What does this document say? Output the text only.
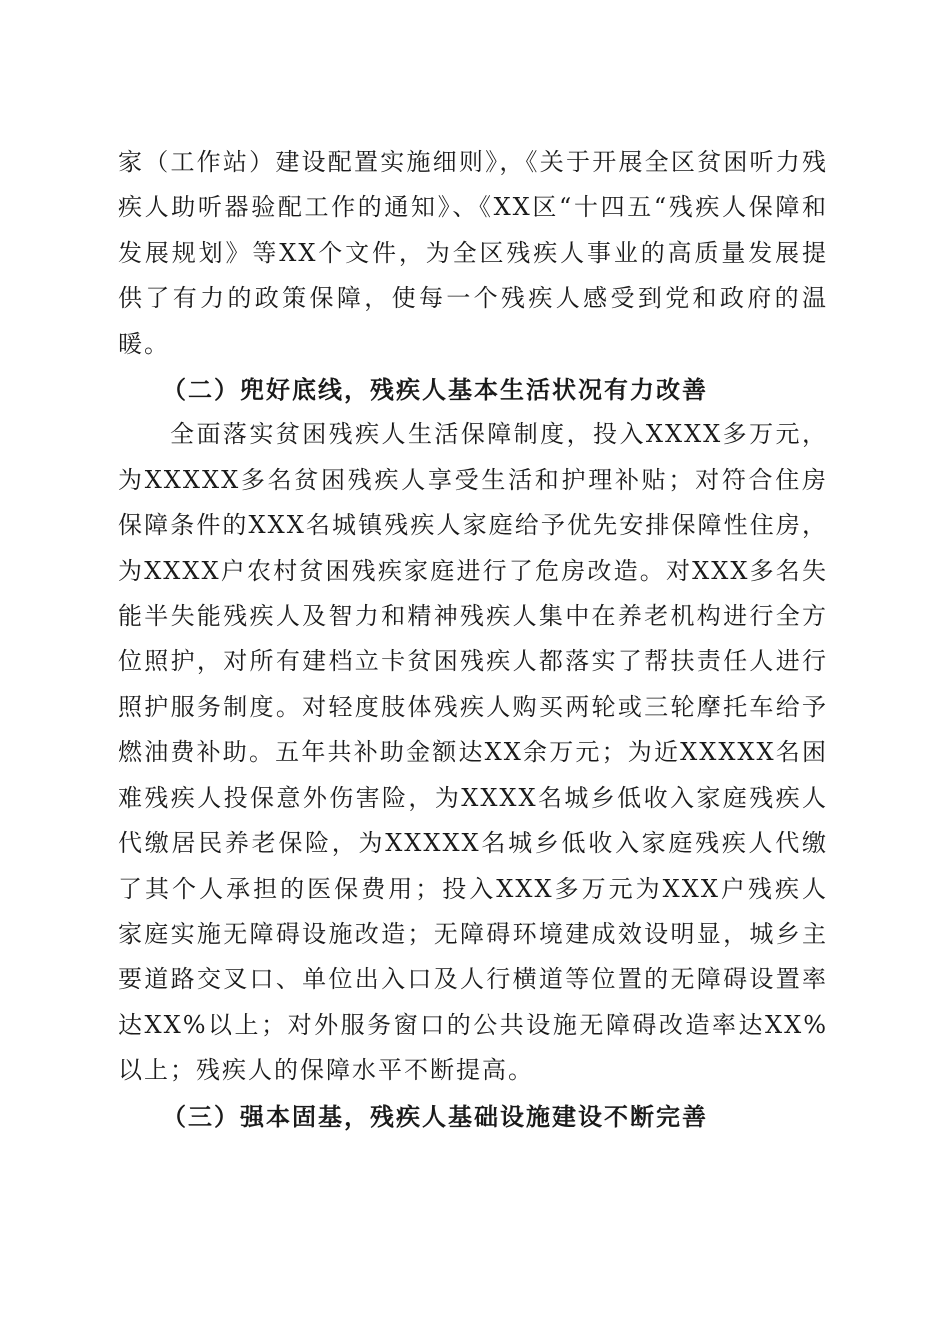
家（工作站）建设配置实施细则》，《关于开展全区贫困听力残疾人助听器验配工作的通知》、《XX区“十四五“残疾人保障和发展规划》等XX个文件，为全区残疾人事业的高质量发展提供了有力的政策保障，使每一个残疾人感受到党和政府的温暖。

（二）兜好底线，残疾人基本生活状况有力改善

全面落实贫困残疾人生活保障制度，投入XXXX多万元，为XXXXX多名贫困残疾人享受生活和护理补贴；对符合住房保障条件的XXX名城镇残疾人家庭给予优先安排保障性住房，为XXXX户农村贫困残疾家庭进行了危房改造。对XXX多名失能半失能残疾人及智力和精神残疾人集中在养老机构进行全方位照护，对所有建档立卡贫困残疾人都落实了帮扶责任人进行照护服务制度。对轻度肢体残疾人购买两轮或三轮摩托车给予燃油费补助。五年共补助金额达XX余万元；为近XXXXX名困难残疾人投保意外伤害险，为XXXX名城乡低收入家庭残疾人代缴居民养老保险，为XXXXX名城乡低收入家庭残疾人代缴了其个人承担的医保费用；投入XXX多万元为XXX户残疾人家庭实施无障碍设施改造；无障碍环境建成效设明显，城乡主要道路交叉口、单位出入口及人行横道等位置的无障碍设置率达XX%以上；对外服务窗口的公共设施无障碍改造率达XX%以上；残疾人的保障水平不断提高。

（三）强本固基，残疾人基础设施建设不断完善
